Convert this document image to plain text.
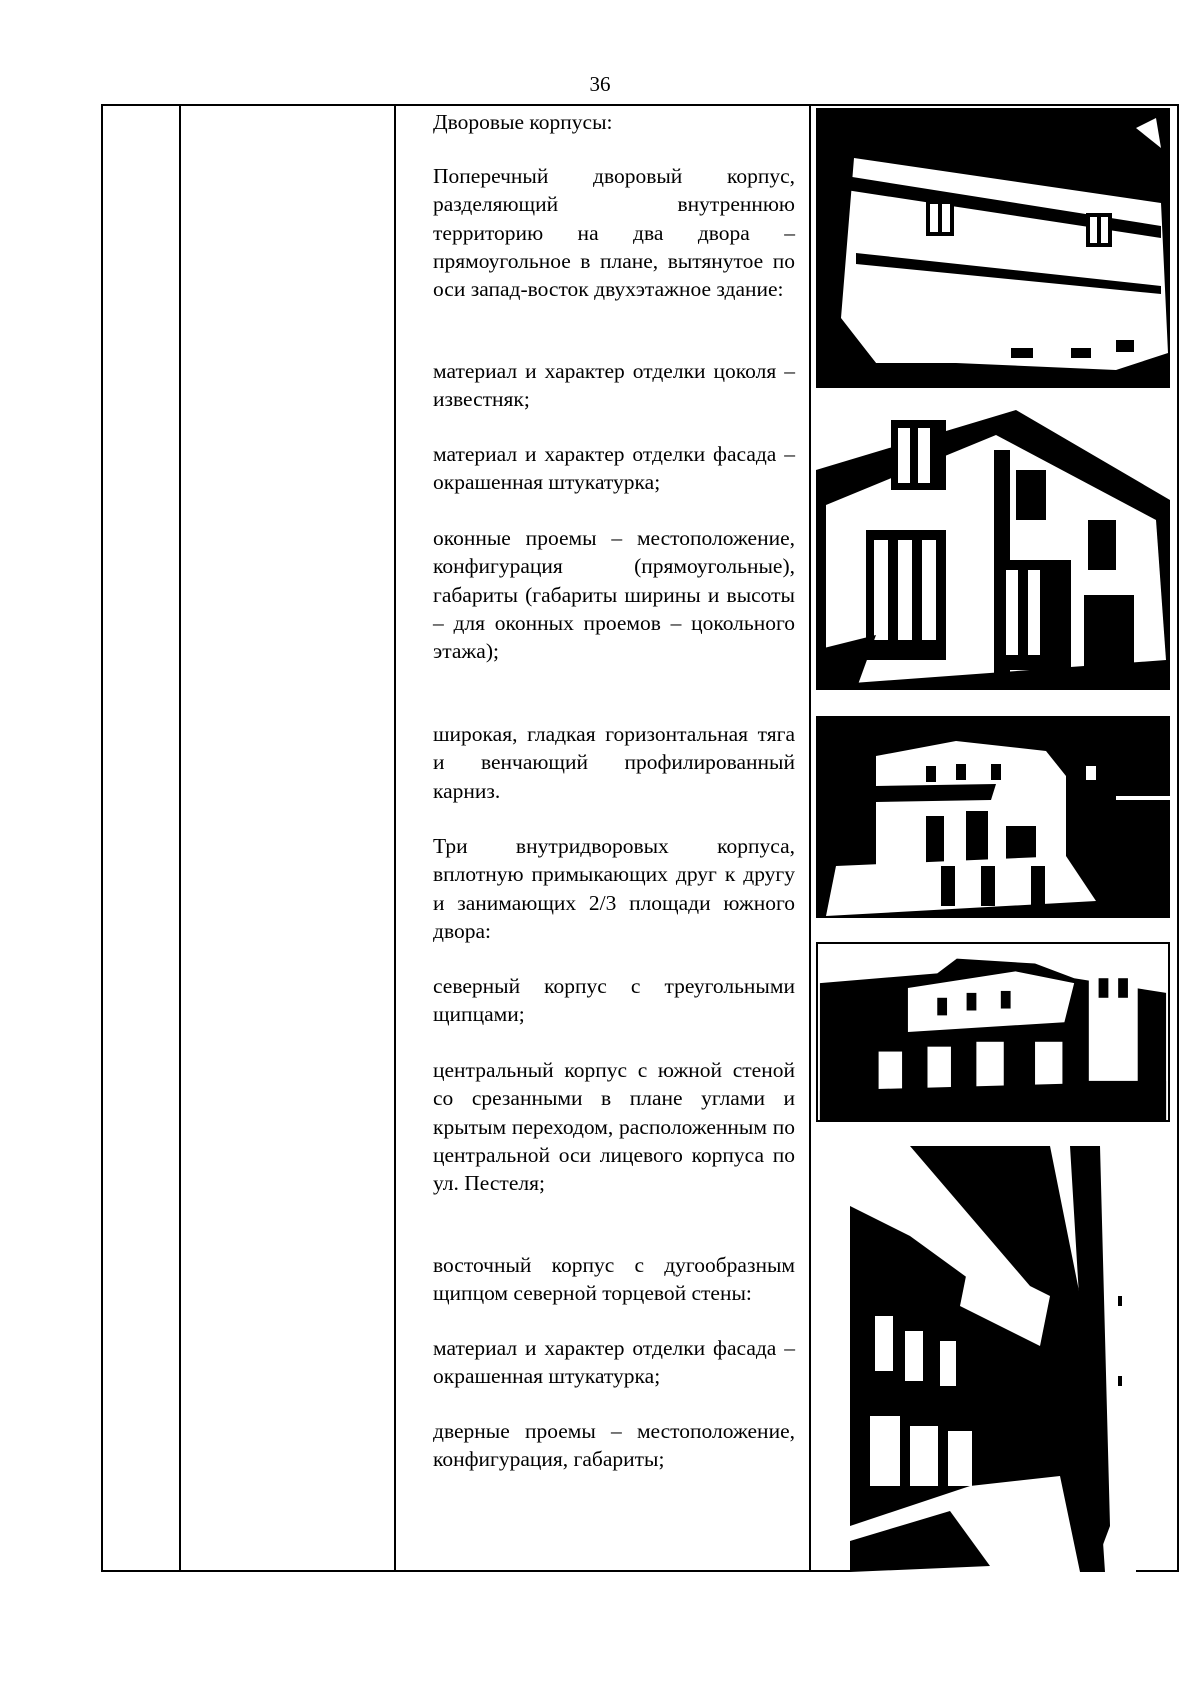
36

Дворовые корпусы:

Поперечный дворовый корпус, разделяющий внутреннюю территорию на два двора – прямоугольное в плане, вытянутое по оси запад-восток двухэтажное здание:

материал и характер отделки цоколя – известняк;

материал и характер отделки фасада – окрашенная штукатурка;

оконные проемы – местоположение, конфигурация (прямоугольные), габариты (габариты ширины и высоты – для оконных проемов – цокольного этажа);

широкая, гладкая горизонтальная тяга и венчающий профилированный карниз.

Три внутридворовых корпуса, вплотную примыкающих друг к другу и занимающих 2/3 площади южного двора:

северный корпус с треугольными щипцами;

центральный корпус с южной стеной со срезанными в плане углами и крытым переходом, расположенным по центральной оси лицевого корпуса по ул. Пестеля;

восточный корпус с дугообразным щипцом северной торцевой стены:

материал и характер отделки фасада – окрашенная штукатурка;

дверные проемы – местоположение, конфигурация, габариты;
